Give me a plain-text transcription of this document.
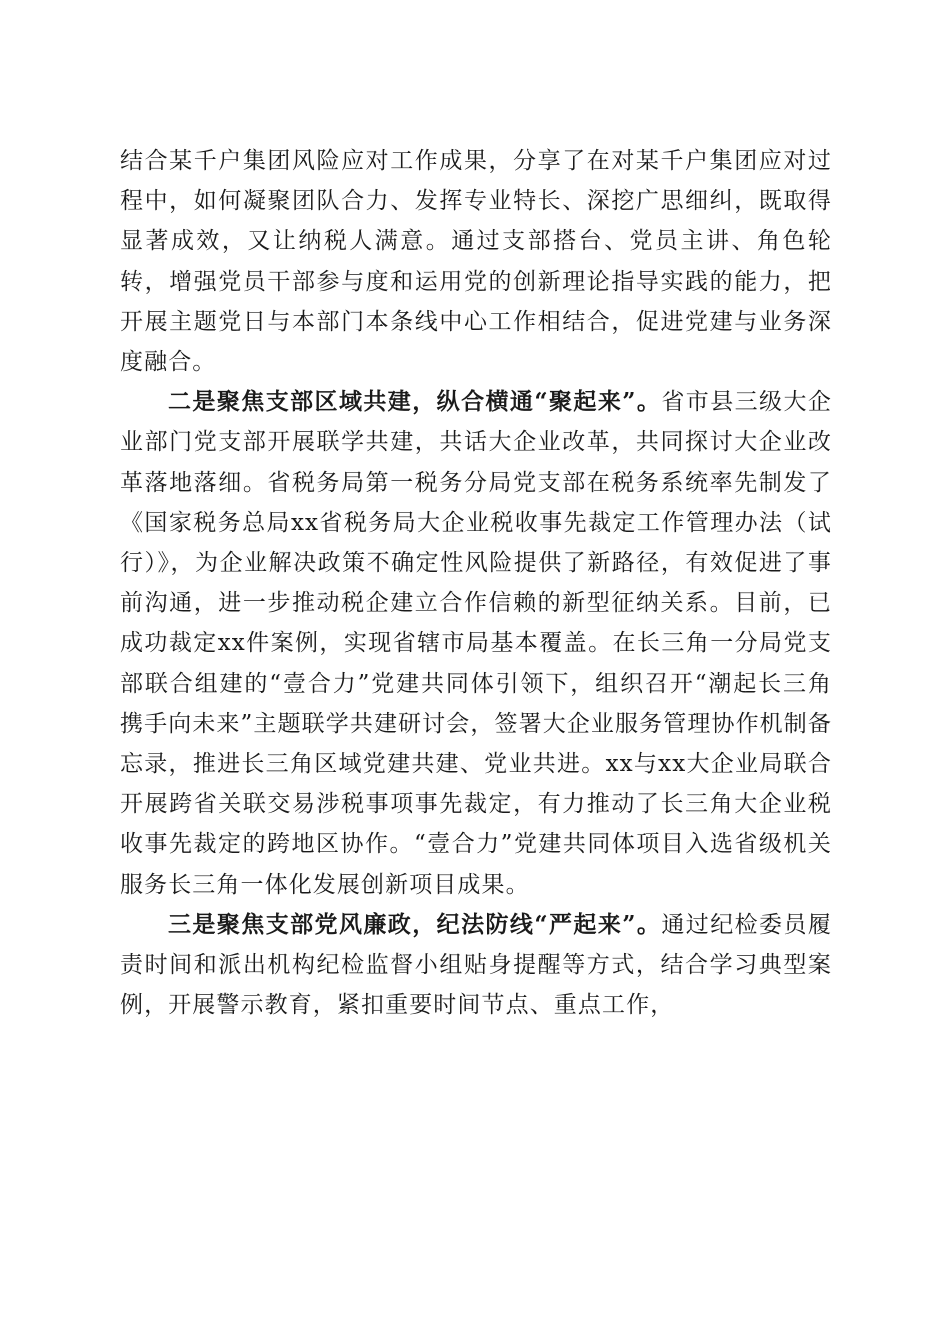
结合某千户集团风险应对工作成果，分享了在对某千户集团应对过程中，如何凝聚团队合力、发挥专业特长、深挖广思细纠，既取得显著成效，又让纳税人满意。通过支部搭台、党员主讲、角色轮转，增强党员干部参与度和运用党的创新理论指导实践的能力，把开展主题党日与本部门本条线中心工作相结合，促进党建与业务深度融合。

二是聚焦支部区域共建，纵合横通“聚起来”。省市县三级大企业部门党支部开展联学共建，共话大企业改革，共同探讨大企业改革落地落细。省税务局第一税务分局党支部在税务系统率先制发了《国家税务总局xx省税务局大企业税收事先裁定工作管理办法（试行）》，为企业解决政策不确定性风险提供了新路径，有效促进了事前沟通，进一步推动税企建立合作信赖的新型征纳关系。目前，已成功裁定xx件案例，实现省辖市局基本覆盖。在长三角一分局党支部联合组建的“壹合力”党建共同体引领下，组织召开“潮起长三角携手向未来”主题联学共建研讨会，签署大企业服务管理协作机制备忘录，推进长三角区域党建共建、党业共进。xx与xx大企业局联合开展跨省关联交易涉税事项事先裁定，有力推动了长三角大企业税收事先裁定的跨地区协作。“壹合力”党建共同体项目入选省级机关服务长三角一体化发展创新项目成果。

三是聚焦支部党风廉政，纪法防线“严起来”。通过纪检委员履责时间和派出机构纪检监督小组贴身提醒等方式，结合学习典型案例，开展警示教育，紧扣重要时间节点、重点工作，
